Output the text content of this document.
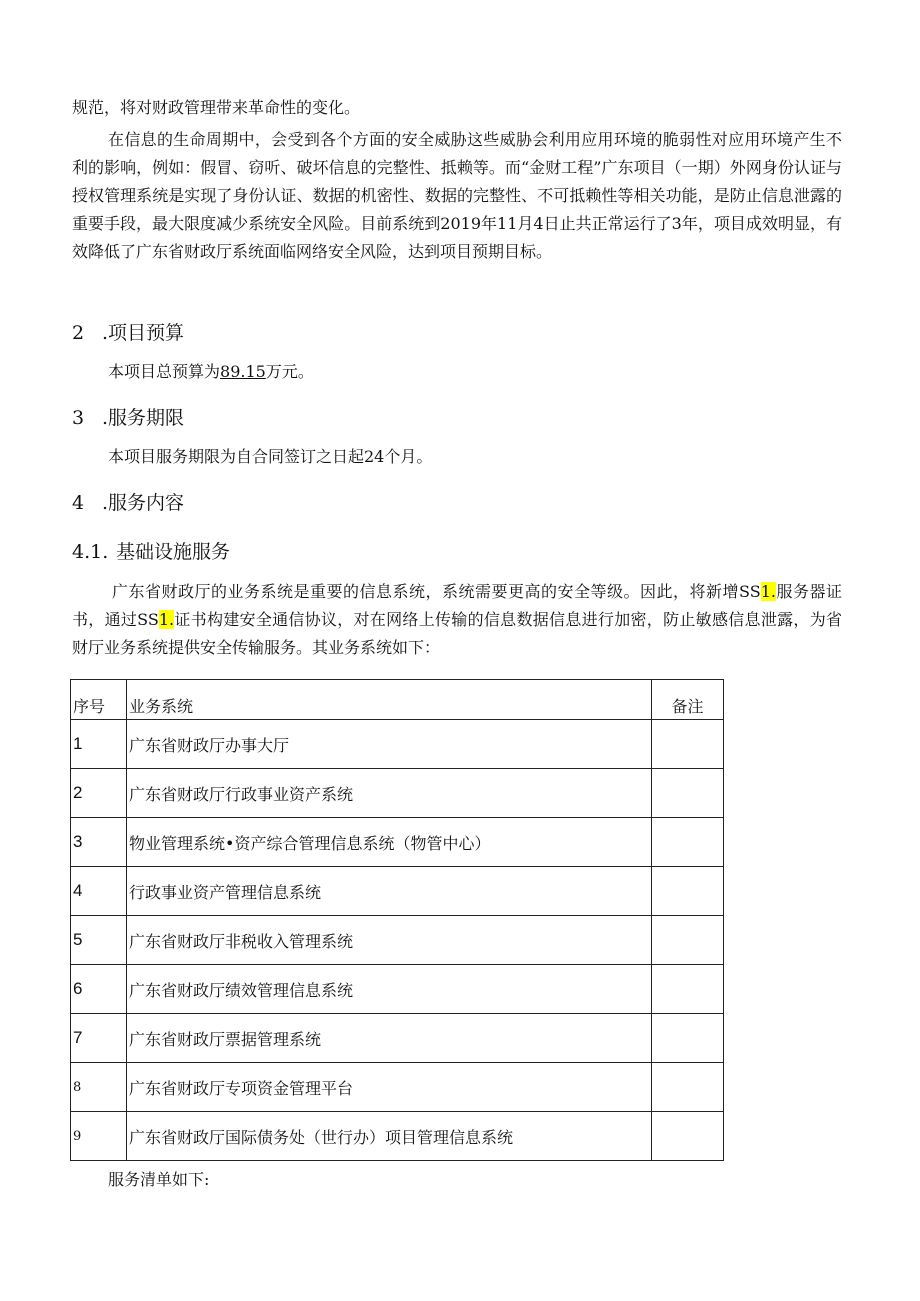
规范，将对财政管理带来革命性的变化。

在信息的生命周期中，会受到各个方面的安全威胁这些威胁会利用应用环境的脆弱性对应用环境产生不利的影响，例如：假冒、窃听、破坏信息的完整性、抵赖等。而“金财工程”广东项目（一期）外网身份认证与授权管理系统是实现了身份认证、数据的机密性、数据的完整性、不可抵赖性等相关功能，是防止信息泄露的重要手段，最大限度减少系统安全风险。目前系统到2019年11月4日止共正常运行了3年，项目成效明显，有效降低了广东省财政厅系统面临网络安全风险，达到项目预期目标。

2 .项目预算

本项目总预算为89.15万元。

3 .服务期限

本项目服务期限为自合同签订之日起24个月。

4 .服务内容
4.1. 基础设施服务

广东省财政厅的业务系统是重要的信息系统，系统需要更高的安全等级。因此，将新增SS1.服务器证书，通过SS1.证书构建安全通信协议，对在网络上传输的信息数据信息进行加密，防止敏感信息泄露，为省财厅业务系统提供安全传输服务。其业务系统如下：

序号	业务系统	备注
1	广东省财政厅办事大厅	
2	广东省财政厅行政事业资产系统	
3	物业管理系统•资产综合管理信息系统（物管中心）	
4	行政事业资产管理信息系统	
5	广东省财政厅非税收入管理系统	
6	广东省财政厅绩效管理信息系统	
7	广东省财政厅票据管理系统	
8	广东省财政厅专项资金管理平台	
9	广东省财政厅国际债务处（世行办）项目管理信息系统	

服务清单如下:
